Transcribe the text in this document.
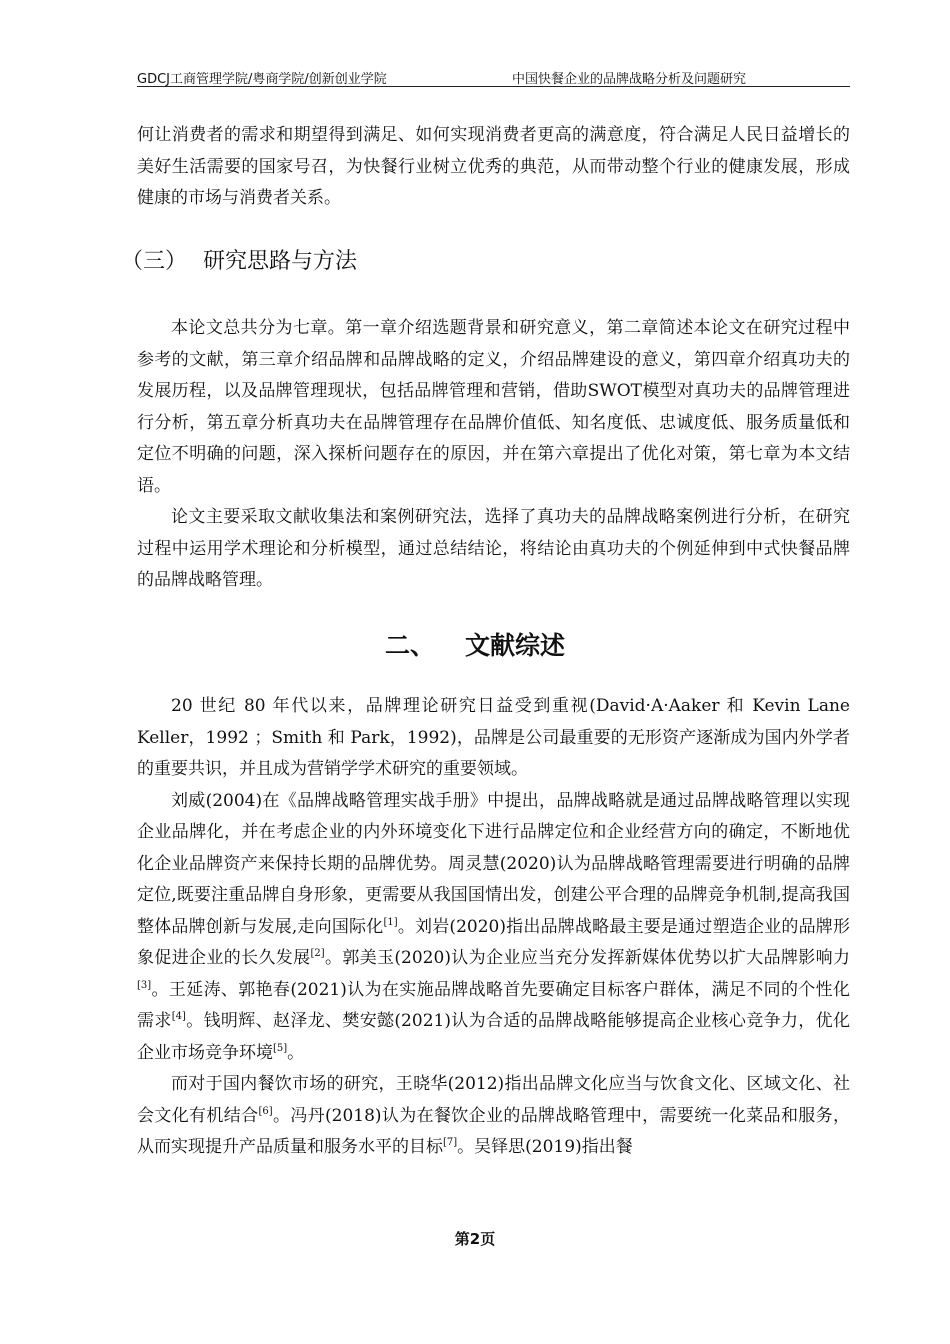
GDCJ工商管理学院/粤商学院/创新创业学院	中国快餐企业的品牌战略分析及问题研究

何让消费者的需求和期望得到满足、如何实现消费者更高的满意度，符合满足人民日益增长的美好生活需要的国家号召，为快餐行业树立优秀的典范，从而带动整个行业的健康发展，形成健康的市场与消费者关系。

（三） 研究思路与方法

本论文总共分为七章。第一章介绍选题背景和研究意义，第二章简述本论文在研究过程中参考的文献，第三章介绍品牌和品牌战略的定义，介绍品牌建设的意义，第四章介绍真功夫的发展历程，以及品牌管理现状，包括品牌管理和营销，借助SWOT模型对真功夫的品牌管理进行分析，第五章分析真功夫在品牌管理存在品牌价值低、知名度低、忠诚度低、服务质量低和定位不明确的问题，深入探析问题存在的原因，并在第六章提出了优化对策，第七章为本文结语。

论文主要采取文献收集法和案例研究法，选择了真功夫的品牌战略案例进行分析，在研究过程中运用学术理论和分析模型，通过总结结论，将结论由真功夫的个例延伸到中式快餐品牌的品牌战略管理。

二、 文献综述

20 世纪 80 年代以来，品牌理论研究日益受到重视(David·A·Aaker 和 Kevin Lane Keller，1992 ；Smith 和 Park，1992)，品牌是公司最重要的无形资产逐渐成为国内外学者的重要共识，并且成为营销学学术研究的重要领域。

刘威(2004)在《品牌战略管理实战手册》中提出，品牌战略就是通过品牌战略管理以实现企业品牌化，并在考虑企业的内外环境变化下进行品牌定位和企业经营方向的确定，不断地优化企业品牌资产来保持长期的品牌优势。周灵慧(2020)认为品牌战略管理需要进行明确的品牌定位,既要注重品牌自身形象，更需要从我国国情出发，创建公平合理的品牌竞争机制,提高我国整体品牌创新与发展,走向国际化[1]。刘岩(2020)指出品牌战略最主要是通过塑造企业的品牌形象促进企业的长久发展[2]。郭美玉(2020)认为企业应当充分发挥新媒体优势以扩大品牌影响力[3]。王延涛、郭艳春(2021)认为在实施品牌战略首先要确定目标客户群体，满足不同的个性化需求[4]。钱明辉、赵泽龙、樊安懿(2021)认为合适的品牌战略能够提高企业核心竞争力，优化企业市场竞争环境[5]。

而对于国内餐饮市场的研究，王晓华(2012)指出品牌文化应当与饮食文化、区域文化、社会文化有机结合[6]。冯丹(2018)认为在餐饮企业的品牌战略管理中，需要统一化菜品和服务，从而实现提升产品质量和服务水平的目标[7]。吴铎思(2019)指出餐

第2页
